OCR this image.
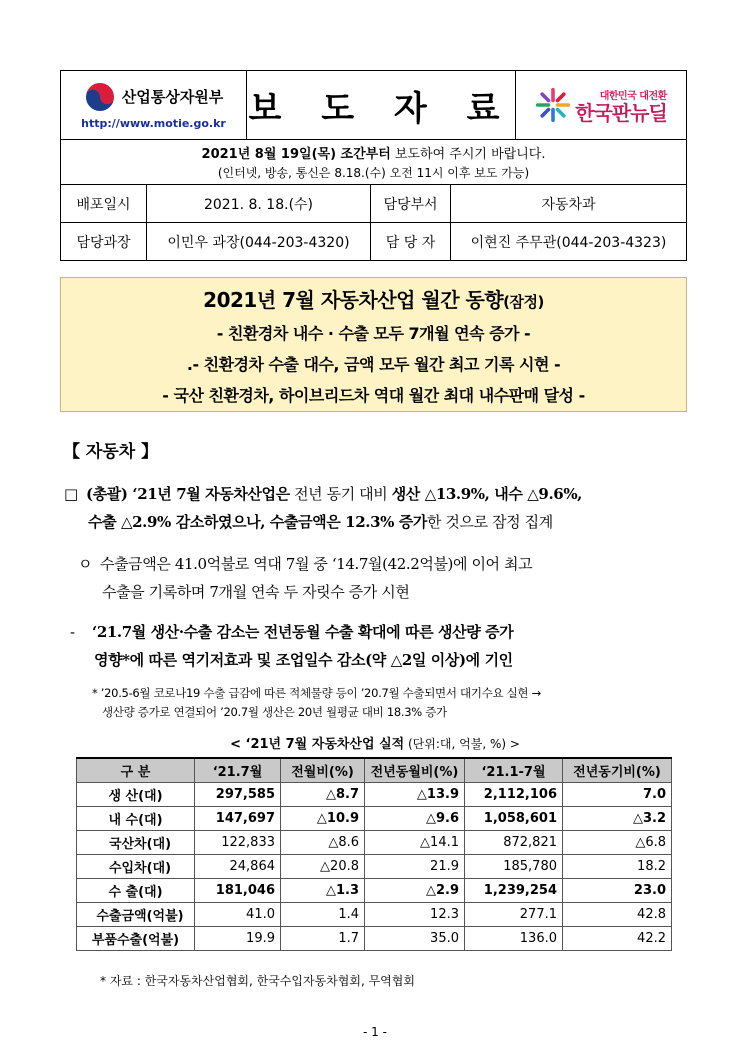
산업통상자원부
http://www.motie.go.kr 보 도 자 료	대한민국 대전환
한국판뉴딜
2021년 8월 19일(목) 조간부터 보도하여 주시기 바랍니다.
(인터넷, 방송, 통신은 8.18.(수) 오전 11시 이후 보도 가능)
배포일시	2021. 8. 18.(수)	담당부서	자동차과
담당과장	이민우 과장(044-203-4320)	담 당 자	이현진 주무관(044-203-4323)
2021년 7월 자동차산업 월간 동향(잠정)
- 친환경차 내수 · 수출 모두 7개월 연속 증가 -
.- 친환경차 수출 대수, 금액 모두 월간 최고 기록 시현 -
- 국산 친환경차, 하이브리드차 역대 월간 최대 내수판매 달성 -
【 자동차 】
□ (총괄) ‘21년 7월 자동차산업은 전년 동기 대비 생산 △13.9%, 내수 △9.6%,
수출 △2.9% 감소하였으나, 수출금액은 12.3% 증가한 것으로 잠정 집계
ㅇ 수출금액은 41.0억불로 역대 7월 중 ‘14.7월(42.2억불)에 이어 최고
수출을 기록하며 7개월 연속 두 자릿수 증가 시현
- ‘21.7월 생산·수출 감소는 전년동월 수출 확대에 따른 생산량 증가
영향*에 따른 역기저효과 및 조업일수 감소(약 △2일 이상)에 기인
* ’20.5-6월 코로나19 수출 급감에 따른 적체물량 등이 ’20.7월 수출되면서 대기수요 실현 →
생산량 증가로 연결되어 ’20.7월 생산은 20년 월평균 대비 18.3% 증가
< ‘21년 7월 자동차산업 실적 (단위:대, 억불, %) >
구 분	‘21.7월	전월비(%)	전년동월비(%)	‘21.1-7월	전년동기비(%)
생 산(대)	297,585	△8.7	△13.9	2,112,106	7.0
내 수(대)	147,697	△10.9	△9.6	1,058,601	△3.2
국산차(대)	122,833	△8.6	△14.1	872,821	△6.8
수입차(대)	24,864	△20.8	21.9	185,780	18.2
수 출(대)	181,046	△1.3	△2.9	1,239,254	23.0
수출금액(억불)	41.0	1.4	12.3	277.1	42.8
부품수출(억불)	19.9	1.7	35.0	136.0	42.2
* 자료 : 한국자동차산업협회, 한국수입자동차협회, 무역협회
- 1 -
